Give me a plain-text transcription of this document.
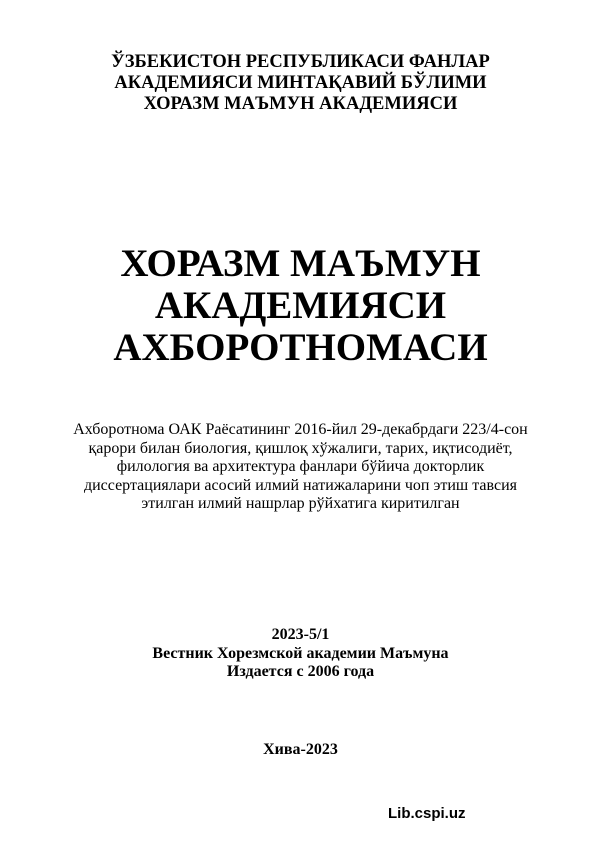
ЎЗБЕКИСТОН РЕСПУБЛИКАСИ ФАНЛАР
АКАДЕМИЯСИ МИНТАҚАВИЙ БЎЛИМИ
ХОРАЗМ МАЪМУН АКАДЕМИЯСИ
ХОРАЗМ МАЪМУН
АКАДЕМИЯСИ
АХБОРОТНОМАСИ
Ахборотнома ОАК Раёсатининг 2016-йил 29-декабрдаги 223/4-сон
қарори билан биология, қишлоқ хўжалиги, тарих, иқтисодиёт,
филология ва архитектура фанлари бўйича докторлик
диссертациялари асосий илмий натижаларини чоп этиш тавсия
этилган илмий нашрлар рўйхатига киритилган
2023-5/1
Вестник Хорезмской академии Маъмуна
Издается с 2006 года
Хива-2023
Lib.cspi.uz
